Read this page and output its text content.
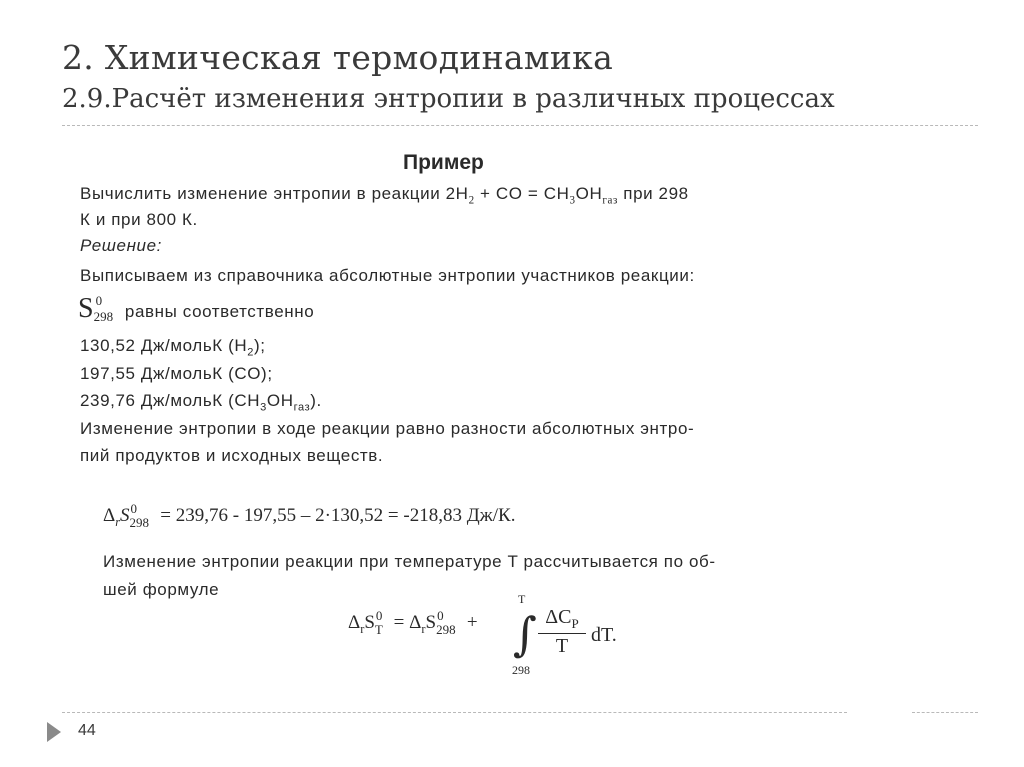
2. Химическая термодинамика
2.9.Расчёт изменения энтропии в различных процессах
Пример
Вычислить изменение энтропии в реакции $2H_2$ + CO = $CH_3OH_{газ}$ при 298
К и при 800 К.
Решение:
Выписываем из справочника абсолютные энтропии участников реакции:
S 0
298 равны соответственно
130,52 Дж/мольК $(H_2)$;
197,55 Дж/мольК (CO);
239,76 Дж/мольК $(CH_3OH_{газ})$.
Изменение энтропии в ходе реакции равно разности абсолютных энтро-
пий продуктов и исходных веществ.
$\Delta_rS$ 0
298 = 239,76 - 197,55 – 2·130,52 = -218,83 Дж/К.
Изменение энтропии реакции при температуре T рассчитывается по об-
шей формуле
$\Delta_rS$ 0
$T = \Delta_rS$ 0
298 + ∫
T
298
$\Delta C_P$
T	dT.
44
